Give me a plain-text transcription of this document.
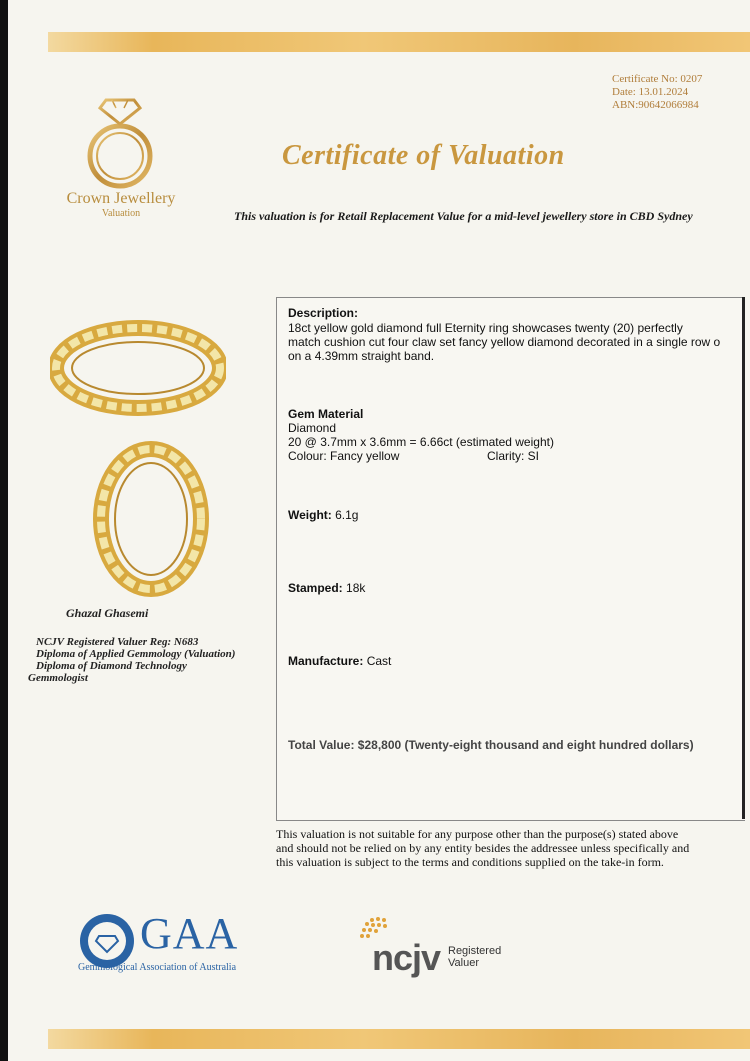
Certificate No: 0207
Date: 13.01.2024
ABN:90642066984
Crown Jewellery
Valuation
Certificate of Valuation
This valuation is for Retail Replacement Value for a mid-level jewellery store in CBD Sydney
Description:
18ct yellow gold diamond full Eternity ring showcases twenty (20) perfectly
match cushion cut four claw set fancy yellow diamond decorated in a single row o
on a 4.39mm straight band.
Gem Material
Diamond
20 @ 3.7mm x 3.6mm = 6.66ct (estimated weight)
Colour: Fancy yellow	Clarity: SI
Weight: 6.1g
Stamped: 18k
Manufacture: Cast
Total Value: $28,800 (Twenty-eight thousand and eight hundred dollars)
Ghazal Ghasemi
NCJV Registered Valuer Reg: N683
Diploma of Applied Gemmology (Valuation)
Diploma of Diamond Technology
Gemmologist
This valuation is not suitable for any purpose other than the purpose(s) stated above
and should not be relied on by any entity besides the addressee unless specifically and
this valuation is subject to the terms and conditions supplied on the take-in form.
GAA
Gemmological Association of Australia	ncjv Registered
Valuer
